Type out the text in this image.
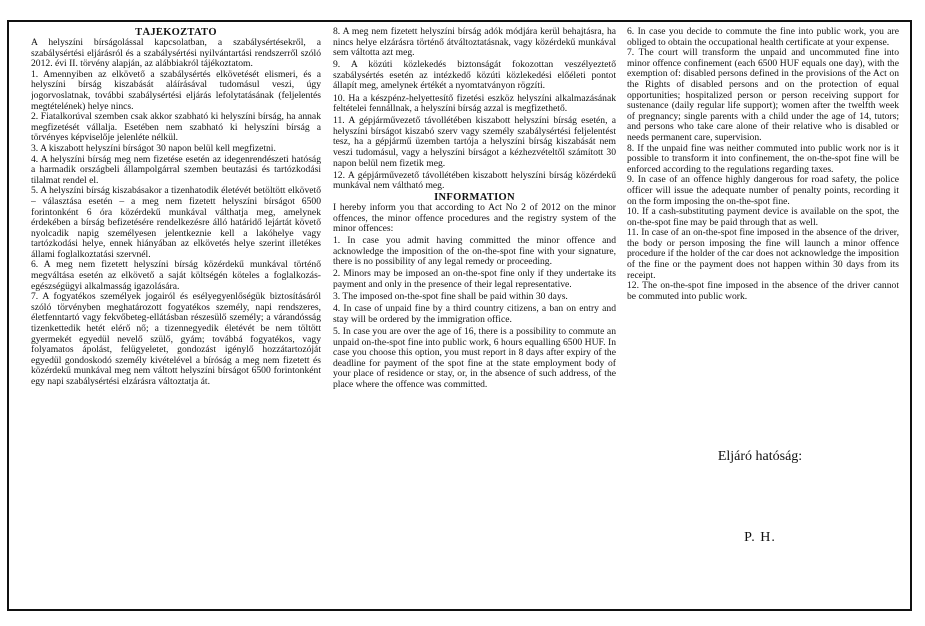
TÁJÉKOZTATÓ

A helyszíni bírságolással kapcsolatban, a szabálysértésekről, a szabálysértési eljárásról és a szabálysértési nyilvántartási rendszerről szóló 2012. évi II. törvény alapján, az alábbiakról tájékoztatom.

1. Amennyiben az elkövető a szabálysértés elkövetését elismeri, és a helyszíni bírság kiszabását aláírásával tudomásul veszi, úgy jogorvoslatnak, további szabálysértési eljárás lefolytatásának (feljelentés megtételének) helye nincs.

2. Fiatalkorúval szemben csak akkor szabható ki helyszíni bírság, ha annak megfizetését vállalja. Esetében nem szabható ki helyszíni bírság a törvényes képviselője jelenléte nélkül.

3. A kiszabott helyszíni bírságot 30 napon belül kell megfizetni.

4. A helyszíni bírság meg nem fizetése esetén az idegenrendészeti hatóság a harmadik országbeli állampolgárral szemben beutazási és tartózkodási tilalmat rendel el.

5. A helyszíni bírság kiszabásakor a tizenhatodik életévét betöltött elkövető – választása esetén – a meg nem fizetett helyszíni bírságot 6500 forintonként 6 óra közérdekű munkával válthatja meg, amelynek érdekében a bírság befizetésére rendelkezésre álló határidő lejártát követő nyolcadik napig személyesen jelentkeznie kell a lakóhelye vagy tartózkodási helye, ennek hiányában az elkövetés helye szerint illetékes állami foglalkoztatási szervnél.

6. A meg nem fizetett helyszíni bírság közérdekű munkával történő megváltása esetén az elkövető a saját költségén köteles a foglalkozás-egészségügyi alkalmasság igazolására.

7. A fogyatékos személyek jogairól és esélyegyenlőségük biztosításáról szóló törvényben meghatározott fogyatékos személy, napi rendszeres, életfenntartó vagy fekvőbeteg-ellátásban részesülő személy; a várandósság tizenkettedik hetét elérő nő; a tizennegyedik életévét be nem töltött gyermekét egyedül nevelő szülő, gyám; továbbá fogyatékos, vagy folyamatos ápolást, felügyeletet, gondozást igénylő hozzátartozóját egyedül gondoskodó személy kivételével a bíróság a meg nem fizetett és közérdekű munkával meg nem váltott helyszíni bírságot 6500 forintonként egy napi szabálysértési elzárásra változtatja át.

8. A meg nem fizetett helyszíni bírság adók módjára kerül behajtásra, ha nincs helye elzárásra történő átváltoztatásnak, vagy közérdekű munkával sem váltotta azt meg.

9. A közúti közlekedés biztonságát fokozottan veszélyeztető szabálysértés esetén az intézkedő közúti közlekedési előéleti pontot állapít meg, amelynek értékét a nyomtatványon rögzíti.

10. Ha a készpénz-helyettesítő fizetési eszköz helyszíni alkalmazásának feltételei fennállnak, a helyszíni bírság azzal is megfizethető.

11. A gépjárművezető távollétében kiszabott helyszíni bírság esetén, a helyszíni bírságot kiszabó szerv vagy személy szabálysértési feljelentést tesz, ha a gépjármű üzemben tartója a helyszíni bírság kiszabását nem veszi tudomásul, vagy a helyszíni bírságot a kézhezvételtől számított 30 napon belül nem fizetik meg.

12. A gépjárművezető távollétében kiszabott helyszíni bírság közérdekű munkával nem váltható meg.

INFORMATION

I hereby inform you that according to Act No 2 of 2012 on the minor offences, the minor offence procedures and the registry system of the minor offences:

1. In case you admit having committed the minor offence and acknowledge the imposition of the on-the-spot fine with your signature, there is no possibility of any legal remedy or proceeding.

2. Minors may be imposed an on-the-spot fine only if they undertake its payment and only in the presence of their legal representative.

3. The imposed on-the-spot fine shall be paid within 30 days.

4. In case of unpaid fine by a third country citizens, a ban on entry and stay will be ordered by the immigration office.

5. In case you are over the age of 16, there is a possibility to commute an unpaid on-the-spot fine into public work, 6 hours equalling 6500 HUF. In case you choose this option, you must report in 8 days after expiry of the deadline for payment of the spot fine at the state employment body of your place of residence or stay, or, in the absence of such address, of the place where the offence was committed.

6. In case you decide to commute the fine into public work, you are obliged to obtain the occupational health certificate at your expense.

7. The court will transform the unpaid and uncommuted fine into minor offence confinement (each 6500 HUF equals one day), with the exemption of: disabled persons defined in the provisions of the Act on the Rights of disabled persons and on the protection of equal opportunities; hospitalized person or person receiving support for sustenance (daily regular life support); women after the twelfth week of pregnancy; single parents with a child under the age of 14, tutors; and persons who take care alone of their relative who is disabled or needs permanent care, supervision.

8. If the unpaid fine was neither commuted into public work nor is it possible to transform it into confinement, the on-the-spot fine will be enforced according to the regulations regarding taxes.

9. In case of an offence highly dangerous for road safety, the police officer will issue the adequate number of penalty points, recording it on the form imposing the on-the-spot fine.

10. If a cash-substituting payment device is available on the spot, the on-the-spot fine may be paid through that as well.

11. In case of an on-the-spot fine imposed in the absence of the driver, the body or person imposing the fine will launch a minor offence procedure if the holder of the car does not acknowledge the imposition of the fine or the payment does not happen within 30 days from its receipt.

12. The on-the-spot fine imposed in the absence of the driver cannot be commuted into public work.

Eljáró hatóság:
P. H.
